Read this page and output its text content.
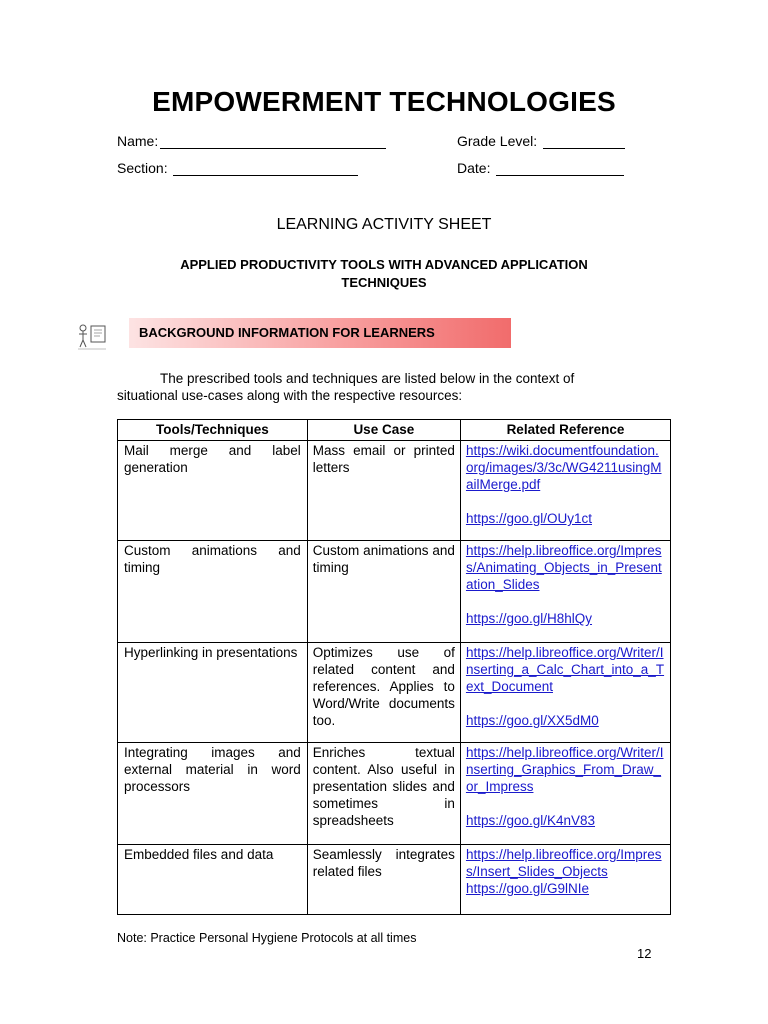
EMPOWERMENT TECHNOLOGIES
Name:	Grade Level:
Section:	Date:
LEARNING ACTIVITY SHEET
APPLIED PRODUCTIVITY TOOLS WITH ADVANCED APPLICATION
TECHNIQUES
BACKGROUND INFORMATION FOR LEARNERS
The prescribed tools and techniques are listed below in the context of
situational use-cases along with the respective resources:
Tools/Techniques	Use Case	Related Reference
Mail merge and label generation	Mass email or printed letters	https://wiki.documentfoundation.org/images/3/3c/WG4211usingMailMerge.pdf
https://goo.gl/OUy1ct

Custom animations and timing	Custom animations and timing	https://help.libreoffice.org/Impress/Animating_Objects_in_Presentation_Slides
https://goo.gl/H8hlQy

Hyperlinking in presentations	Optimizes use of related content and references. Applies to Word/Write documents too.	https://help.libreoffice.org/Writer/Inserting_a_Calc_Chart_into_a_Text_Document
https://goo.gl/XX5dM0

Integrating images and external material in word processors	Enriches textual content. Also useful in presentation slides and sometimes in spreadsheets	https://help.libreoffice.org/Writer/Inserting_Graphics_From_Draw_or_Impress
https://goo.gl/K4nV83

Embedded files and data	Seamlessly integrates related files	https://help.libreoffice.org/Impress/Insert_Slides_Objects
https://goo.gl/G9lNIe
Note: Practice Personal Hygiene Protocols at all times
12
